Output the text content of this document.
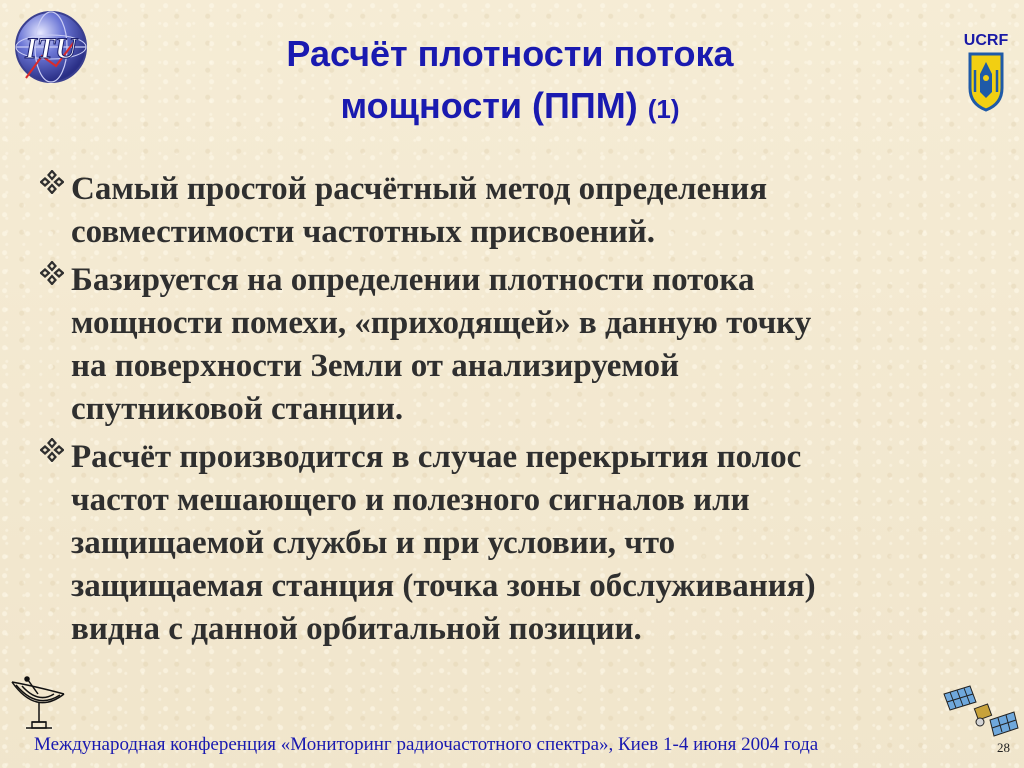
ITU	UCRF
Расчёт плотности потока
мощности (ППМ) (1)
Самый простой расчётный метод определения
совместимости частотных присвоений.
Базируется на определении плотности потока
мощности помехи, «приходящей» в данную точку
на поверхности Земли от анализируемой
спутниковой станции.
Расчёт производится в случае перекрытия полос
частот мешающего и полезного сигналов или
защищаемой службы и при условии, что
защищаемая станция (точка зоны обслуживания)
видна с данной орбитальной позиции.
Международная конференция «Мониторинг радиочастотного спектра», Киев 1-4 июня 2004 года	28
